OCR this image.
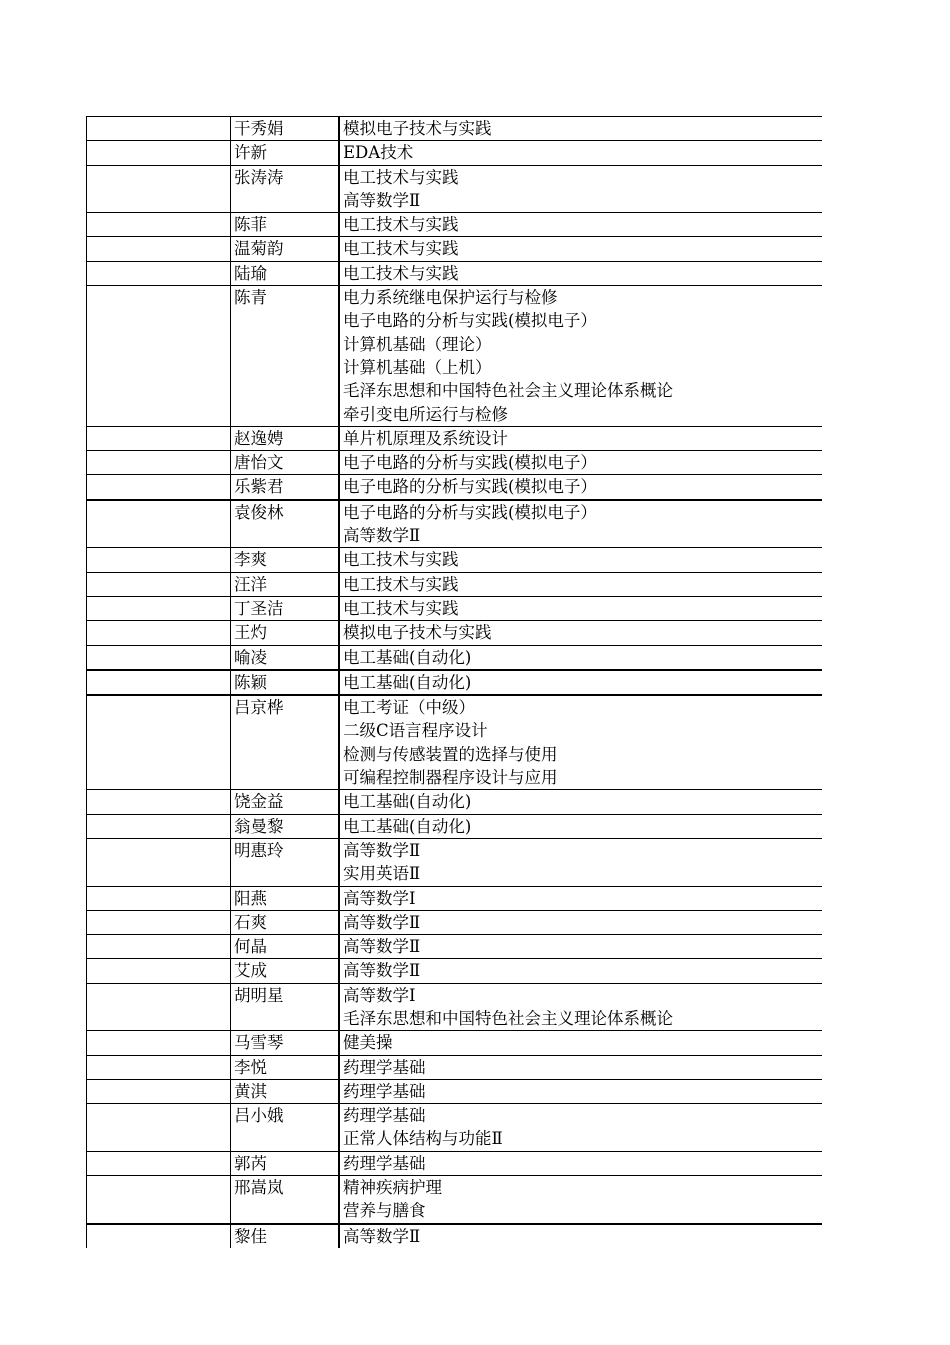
干秀娟	模拟电子技术与实践
许新	EDA技术
张涛涛	电工技术与实践
高等数学Ⅱ
陈菲	电工技术与实践
温菊韵	电工技术与实践
陆瑜	电工技术与实践
陈青	电力系统继电保护运行与检修
电子电路的分析与实践(模拟电子）
计算机基础（理论）
计算机基础（上机）
毛泽东思想和中国特色社会主义理论体系概论
牵引变电所运行与检修
赵逸娉	单片机原理及系统设计
唐怡文	电子电路的分析与实践(模拟电子）
乐紫君	电子电路的分析与实践(模拟电子）
袁俊林	电子电路的分析与实践(模拟电子）
高等数学Ⅱ
李爽	电工技术与实践
汪洋	电工技术与实践
丁圣洁	电工技术与实践
王灼	模拟电子技术与实践
喻凌	电工基础(自动化)
陈颖	电工基础(自动化)
吕京桦	电工考证（中级）
二级C语言程序设计
检测与传感装置的选择与使用
可编程控制器程序设计与应用
饶金益	电工基础(自动化)
翁曼黎	电工基础(自动化)
明惠玲	高等数学Ⅱ
实用英语Ⅱ
阳燕	高等数学Ⅰ
石爽	高等数学Ⅱ
何晶	高等数学Ⅱ
艾成	高等数学Ⅱ
胡明星	高等数学Ⅰ
毛泽东思想和中国特色社会主义理论体系概论
马雪琴	健美操
李悦	药理学基础
黄淇	药理学基础
吕小娥	药理学基础
正常人体结构与功能Ⅱ
郭芮	药理学基础
邢嵩岚	精神疾病护理
营养与膳食
黎佳	高等数学Ⅱ
